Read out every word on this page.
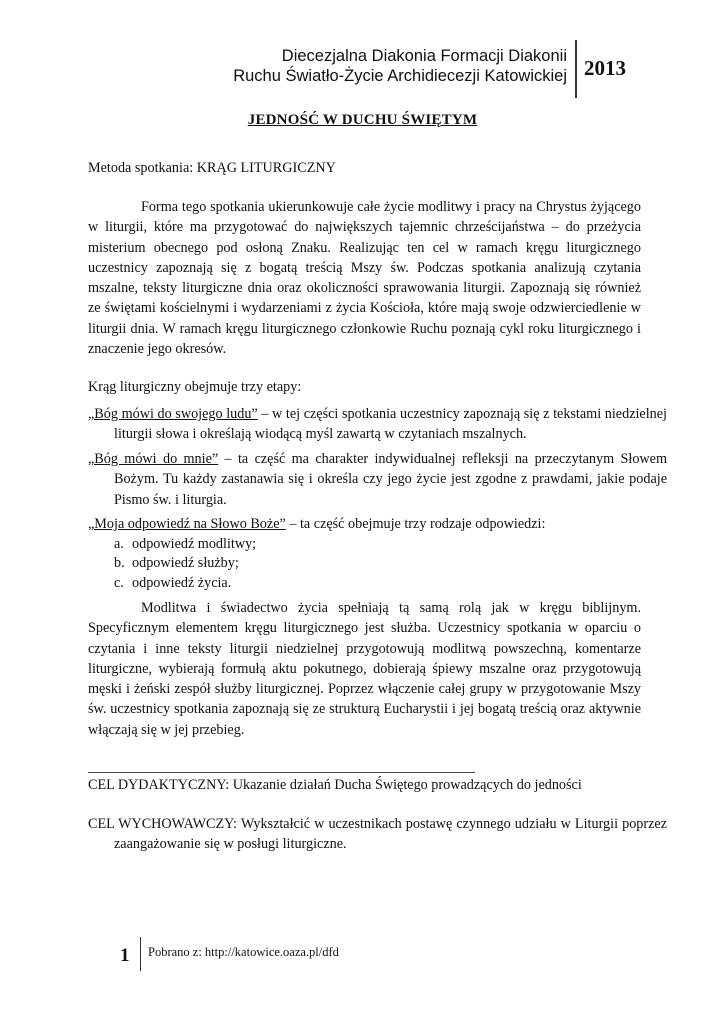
Diecezjalna Diakonia Formacji Diakonii
Ruchu Światło-Życie Archidiecezji Katowickiej 2013
JEDNOŚĆ W DUCHU ŚWIĘTYM
Metoda spotkania: KRĄG LITURGICZNY
Forma tego spotkania ukierunkowuje całe życie modlitwy i pracy na Chrystus żyjącego w liturgii, które ma przygotować do największych tajemnic chrześcijaństwa – do przeżycia misterium obecnego pod osłoną Znaku. Realizując ten cel w ramach kręgu liturgicznego uczestnicy zapoznają się z bogatą treścią Mszy św. Podczas spotkania analizują czytania mszalne, teksty liturgiczne dnia oraz okoliczności sprawowania liturgii. Zapoznają się również ze świętami kościelnymi i wydarzeniami z życia Kościoła, które mają swoje odzwierciedlenie w liturgii dnia. W ramach kręgu liturgicznego członkowie Ruchu poznają cykl roku liturgicznego i znaczenie jego okresów.
Krąg liturgiczny obejmuje trzy etapy:
„Bóg mówi do swojego ludu” – w tej części spotkania uczestnicy zapoznają się z tekstami niedzielnej liturgii słowa i określają wiodącą myśl zawartą w czytaniach mszalnych.
„Bóg mówi do mnie” – ta część ma charakter indywidualnej refleksji na przeczytanym Słowem Bożym. Tu każdy zastanawia się i określa czy jego życie jest zgodne z prawdami, jakie podaje Pismo św. i liturgia.
„Moja odpowiedź na Słowo Boże” – ta część obejmuje trzy rodzaje odpowiedzi:
a. odpowiedź modlitwy;
b. odpowiedź służby;
c. odpowiedź życia.
Modlitwa i świadectwo życia spełniają tą samą rolą jak w kręgu biblijnym. Specyficznym elementem kręgu liturgicznego jest służba. Uczestnicy spotkania w oparciu o czytania i inne teksty liturgii niedzielnej przygotowują modlitwą powszechną, komentarze liturgiczne, wybierają formułą aktu pokutnego, dobierają śpiewy mszalne oraz przygotowują męski i żeński zespół służby liturgicznej. Poprzez włączenie całej grupy w przygotowanie Mszy św. uczestnicy spotkania zapoznają się ze strukturą Eucharystii i jej bogatą treścią oraz aktywnie włączają się w jej przebieg.
CEL DYDAKTYCZNY: Ukazanie działań Ducha Świętego prowadzących do jedności
CEL WYCHOWAWCZY: Wykształcić w uczestnikach postawę czynnego udziału w Liturgii poprzez zaangażowanie się w posługi liturgiczne.
1 Pobrano z: http://katowice.oaza.pl/dfd
